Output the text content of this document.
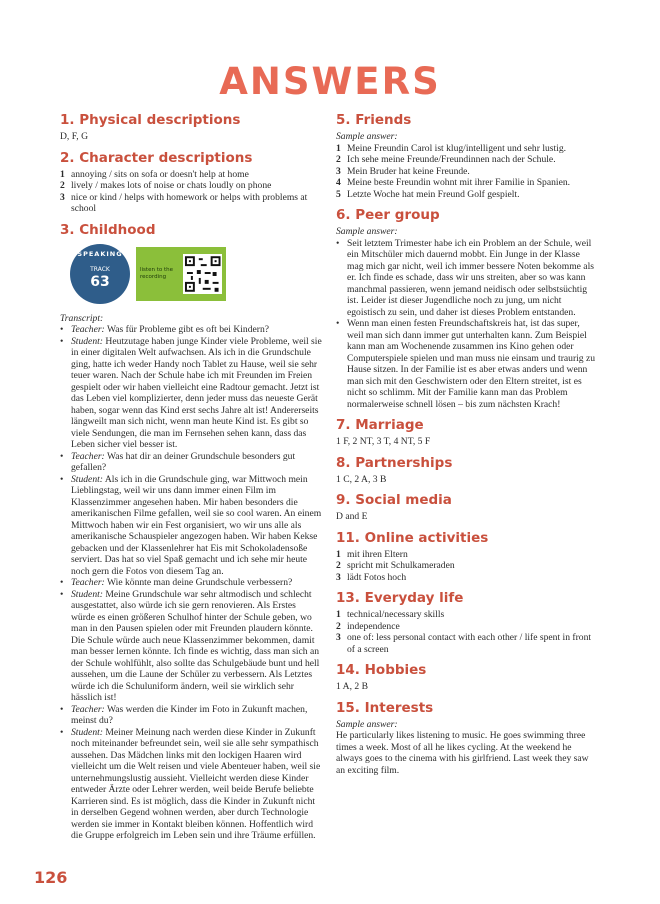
ANSWERS
1. Physical descriptions
D, F, G
2. Character descriptions
1 annoying / sits on sofa or doesn't help at home
2 lively / makes lots of noise or chats loudly on phone
3 nice or kind / helps with homework or helps with problems at school
3. Childhood
SPEAKING
TRACK
63
listen to the recording
Transcript:
• Teacher: Was für Probleme gibt es oft bei Kindern?
• Student: Heutzutage haben junge Kinder viele Probleme, weil sie in einer digitalen Welt aufwachsen. Als ich in die Grundschule ging, hatte ich weder Handy noch Tablet zu Hause, weil sie sehr teuer waren. Nach der Schule habe ich mit Freunden im Freien gespielt oder wir haben vielleicht eine Radtour gemacht. Jetzt ist das Leben viel komplizierter, denn jeder muss das neueste Gerät haben, sogar wenn das Kind erst sechs Jahre alt ist! Andererseits längweilt man sich nicht, wenn man heute Kind ist. Es gibt so viele Sendungen, die man im Fernsehen sehen kann, dass das Leben sicher viel besser ist.
• Teacher: Was hat dir an deiner Grundschule besonders gut gefallen?
• Student: Als ich in die Grundschule ging, war Mittwoch mein Lieblingstag, weil wir uns dann immer einen Film im Klassenzimmer angesehen haben. Mir haben besonders die amerikanischen Filme gefallen, weil sie so cool waren. An einem Mittwoch haben wir ein Fest organisiert, wo wir uns alle als amerikanische Schauspieler angezogen haben. Wir haben Kekse gebacken und der Klassenlehrer hat Eis mit Schokoladensoße serviert. Das hat so viel Spaß gemacht und ich sehe mir heute noch gern die Fotos von diesem Tag an.
• Teacher: Wie könnte man deine Grundschule verbessern?
• Student: Meine Grundschule war sehr altmodisch und schlecht ausgestattet, also würde ich sie gern renovieren. Als Erstes würde es einen größeren Schulhof hinter der Schule geben, wo man in den Pausen spielen oder mit Freunden plaudern könnte. Die Schule würde auch neue Klassenzimmer bekommen, damit man besser lernen könnte. Ich finde es wichtig, dass man sich an der Schule wohlfühlt, also sollte das Schulgebäude bunt und hell aussehen, um die Laune der Schüler zu verbessern. Als Letztes würde ich die Schuluniform ändern, weil sie wirklich sehr hässlich ist!
• Teacher: Was werden die Kinder im Foto in Zukunft machen, meinst du?
• Student: Meiner Meinung nach werden diese Kinder in Zukunft noch miteinander befreundet sein, weil sie alle sehr sympathisch aussehen. Das Mädchen links mit den lockigen Haaren wird vielleicht um die Welt reisen und viele Abenteuer haben, weil sie unternehmungslustig aussieht. Vielleicht werden diese Kinder entweder Ärzte oder Lehrer werden, weil beide Berufe beliebte Karrieren sind. Es ist möglich, dass die Kinder in Zukunft nicht in derselben Gegend wohnen werden, aber durch Technologie werden sie immer in Kontakt bleiben können. Hoffentlich wird die Gruppe erfolgreich im Leben sein und ihre Träume erfüllen.
5. Friends
Sample answer:
1 Meine Freundin Carol ist klug/intelligent und sehr lustig.
2 Ich sehe meine Freunde/Freundinnen nach der Schule.
3 Mein Bruder hat keine Freunde.
4 Meine beste Freundin wohnt mit ihrer Familie in Spanien.
5 Letzte Woche hat mein Freund Golf gespielt.
6. Peer group
Sample answer:
• Seit letztem Trimester habe ich ein Problem an der Schule, weil ein Mitschüler mich dauernd mobbt. Ein Junge in der Klasse mag mich gar nicht, weil ich immer bessere Noten bekomme als er. Ich finde es schade, dass wir uns streiten, aber so was kann manchmal passieren, wenn jemand neidisch oder selbstsüchtig ist. Leider ist dieser Jugendliche noch zu jung, um nicht egoistisch zu sein, und daher ist dieses Problem entstanden.
• Wenn man einen festen Freundschaftskreis hat, ist das super, weil man sich dann immer gut unterhalten kann. Zum Beispiel kann man am Wochenende zusammen ins Kino gehen oder Computerspiele spielen und man muss nie einsam und traurig zu Hause sitzen. In der Familie ist es aber etwas anders und wenn man sich mit den Geschwistern oder den Eltern streitet, ist es nicht so schlimm. Mit der Familie kann man das Problem normalerweise schnell lösen – bis zum nächsten Krach!
7. Marriage
1 F, 2 NT, 3 T, 4 NT, 5 F
8. Partnerships
1 C, 2 A, 3 B
9. Social media
D and E
11. Online activities
1 mit ihren Eltern
2 spricht mit Schulkameraden
3 lädt Fotos hoch
13. Everyday life
1 technical/necessary skills
2 independence
3 one of: less personal contact with each other / life spent in front of a screen
14. Hobbies
1 A, 2 B
15. Interests
Sample answer:
He particularly likes listening to music. He goes swimming three times a week. Most of all he likes cycling. At the weekend he always goes to the cinema with his girlfriend. Last week they saw an exciting film.
126
